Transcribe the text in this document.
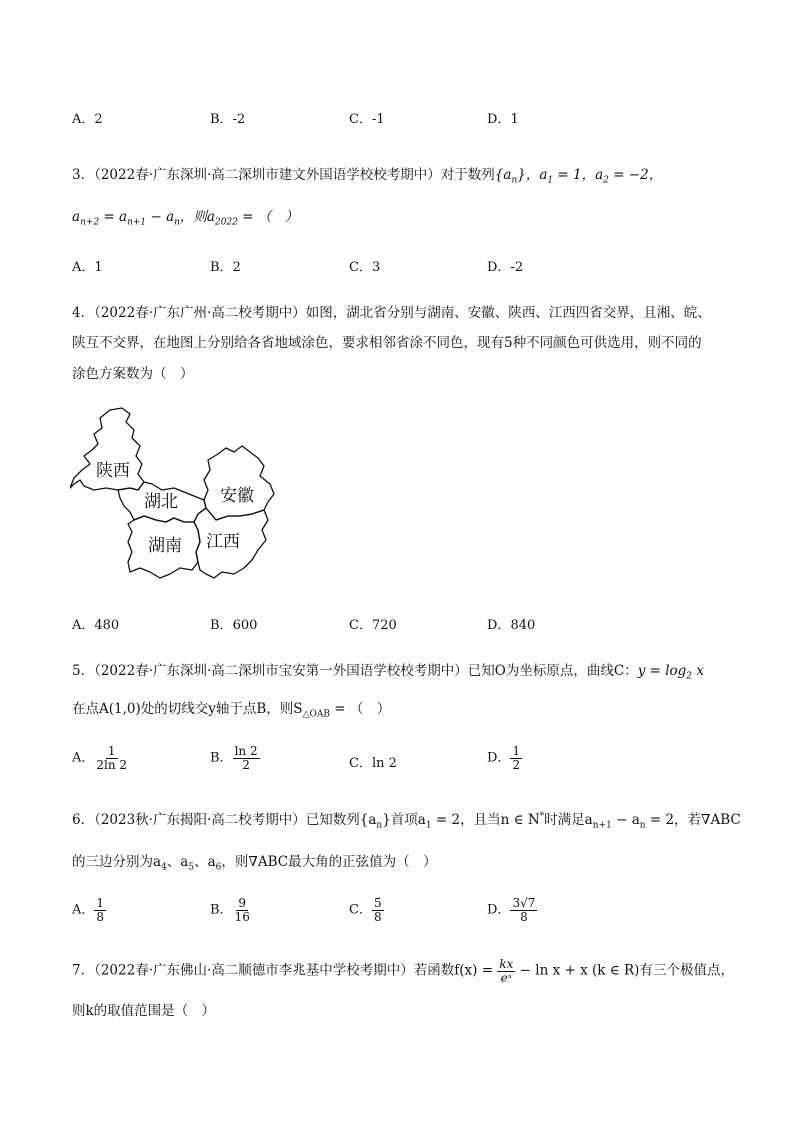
A．2	B．-2	C．-1	D．1
3．（2022春·广东深圳·高二深圳市建文外国语学校校考期中）对于数列$\{a_n\}$，$a_1 = 1$，$a_2 = -2$，
$a_{n+2} = a_{n+1} - a_n$，则$a_{2022}$ = （　）
A．1	B．2	C．3	D．-2
4．（2022春·广东广州·高二校考期中）如图，湖北省分别与湖南、安徽、陕西、江西四省交界，且湘、皖、
陕互不交界，在地图上分别给各省地域涂色，要求相邻省涂不同色，现有5种不同颜色可供选用，则不同的
涂色方案数为（　）
陕西
湖北 安徽
湖南 江西
A．480	B．600	C．720	D．840
5．（2022春·广东深圳·高二深圳市宝安第一外国语学校校考期中）已知O为坐标原点，曲线C：$y = \log_2 x$
在点A(1,0)处的切线交y轴于点B，则$S_{\triangle OAB}$ = （　）
A． $\frac{1}{2\ln 2}$	B． $\frac{\ln 2}{2}$	C．ln 2	D． $\frac{1}{2}$
6．（2023秋·广东揭阳·高二校考期中）已知数列$\{a_n\}$首项$a_1 = 2$，且当n ∈ N*时满足$a_{n+1} - a_n = 2$，若∇ABC
的三边分别为$a_4$、$a_5$、$a_6$，则∇ABC最大角的正弦值为（　）
A． $\frac{1}{8}$	B． $\frac{9}{16}$	C． $\frac{5}{8}$	D． $\frac{3√7}{8}$
7．（2022春·广东佛山·高二顺德市李兆基中学校考期中）若函数$f(x) = \frac{kx}{\text{eˣ}} - \ln x + x$ (k ∈ R)有三个极值点，
则k的取值范围是（　）
